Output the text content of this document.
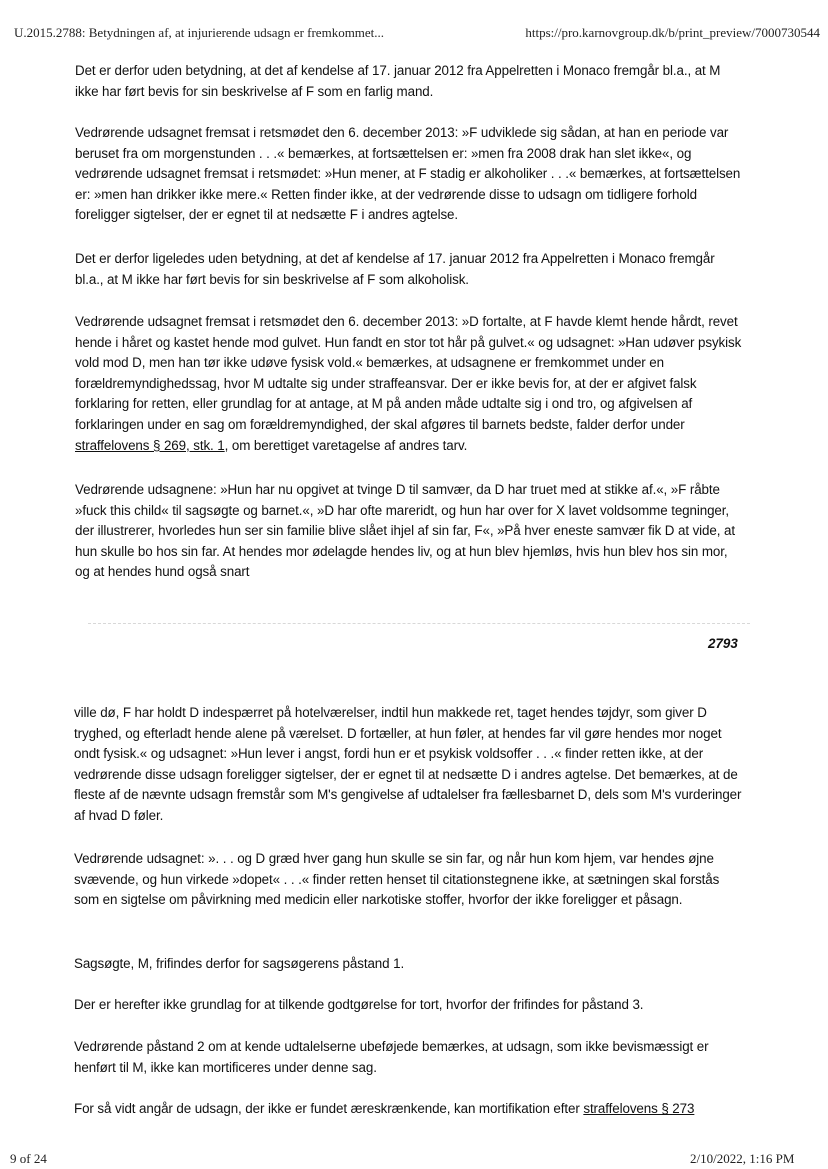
U.2015.2788: Betydningen af, at injurierende udsagn er fremkommet...	https://pro.karnovgroup.dk/b/print_preview/7000730544

Det er derfor uden betydning, at det af kendelse af 17. januar 2012 fra Appelretten i Monaco fremgår bl.a., at M ikke har ført bevis for sin beskrivelse af F som en farlig mand.

Vedrørende udsagnet fremsat i retsmødet den 6. december 2013: »F udviklede sig sådan, at han en periode var beruset fra om morgenstunden . . .« bemærkes, at fortsættelsen er: »men fra 2008 drak han slet ikke«, og vedrørende udsagnet fremsat i retsmødet: »Hun mener, at F stadig er alkoholiker . . .« bemærkes, at fortsættelsen er: »men han drikker ikke mere.« Retten finder ikke, at der vedrørende disse to udsagn om tidligere forhold foreligger sigtelser, der er egnet til at nedsætte F i andres agtelse.

Det er derfor ligeledes uden betydning, at det af kendelse af 17. januar 2012 fra Appelretten i Monaco fremgår bl.a., at M ikke har ført bevis for sin beskrivelse af F som alkoholisk.

Vedrørende udsagnet fremsat i retsmødet den 6. december 2013: »D fortalte, at F havde klemt hende hårdt, revet hende i håret og kastet hende mod gulvet. Hun fandt en stor tot hår på gulvet.« og udsagnet: »Han udøver psykisk vold mod D, men han tør ikke udøve fysisk vold.« bemærkes, at udsagnene er fremkommet under en forældremyndighedssag, hvor M udtalte sig under straffeansvar. Der er ikke bevis for, at der er afgivet falsk forklaring for retten, eller grundlag for at antage, at M på anden måde udtalte sig i ond tro, og afgivelsen af forklaringen under en sag om forældremyndighed, der skal afgøres til barnets bedste, falder derfor under straffelovens § 269, stk. 1, om berettiget varetagelse af andres tarv.

Vedrørende udsagnene: »Hun har nu opgivet at tvinge D til samvær, da D har truet med at stikke af.«, »F råbte »fuck this child« til sagsøgte og barnet.«, »D har ofte mareridt, og hun har over for X lavet voldsomme tegninger, der illustrerer, hvorledes hun ser sin familie blive slået ihjel af sin far, F«, »På hver eneste samvær fik D at vide, at hun skulle bo hos sin far. At hendes mor ødelagde hendes liv, og at hun blev hjemløs, hvis hun blev hos sin mor, og at hendes hund også snart

2793

ville dø, F har holdt D indespærret på hotelværelser, indtil hun makkede ret, taget hendes tøjdyr, som giver D tryghed, og efterladt hende alene på værelset. D fortæller, at hun føler, at hendes far vil gøre hendes mor noget ondt fysisk.« og udsagnet: »Hun lever i angst, fordi hun er et psykisk voldsoffer . . .« finder retten ikke, at der vedrørende disse udsagn foreligger sigtelser, der er egnet til at nedsætte D i andres agtelse. Det bemærkes, at de fleste af de nævnte udsagn fremstår som M's gengivelse af udtalelser fra fællesbarnet D, dels som M's vurderinger af hvad D føler.

Vedrørende udsagnet: ». . . og D græd hver gang hun skulle se sin far, og når hun kom hjem, var hendes øjne svævende, og hun virkede »dopet« . . .« finder retten henset til citationstegnene ikke, at sætningen skal forstås som en sigtelse om påvirkning med medicin eller narkotiske stoffer, hvorfor der ikke foreligger et påsagn.

Sagsøgte, M, frifindes derfor for sagsøgerens påstand 1.

Der er herefter ikke grundlag for at tilkende godtgørelse for tort, hvorfor der frifindes for påstand 3.

Vedrørende påstand 2 om at kende udtalelserne ubeføjede bemærkes, at udsagn, som ikke bevismæssigt er henført til M, ikke kan mortificeres under denne sag.

For så vidt angår de udsagn, der ikke er fundet æreskrænkende, kan mortifikation efter straffelovens § 273

9 of 24	2/10/2022, 1:16 PM
